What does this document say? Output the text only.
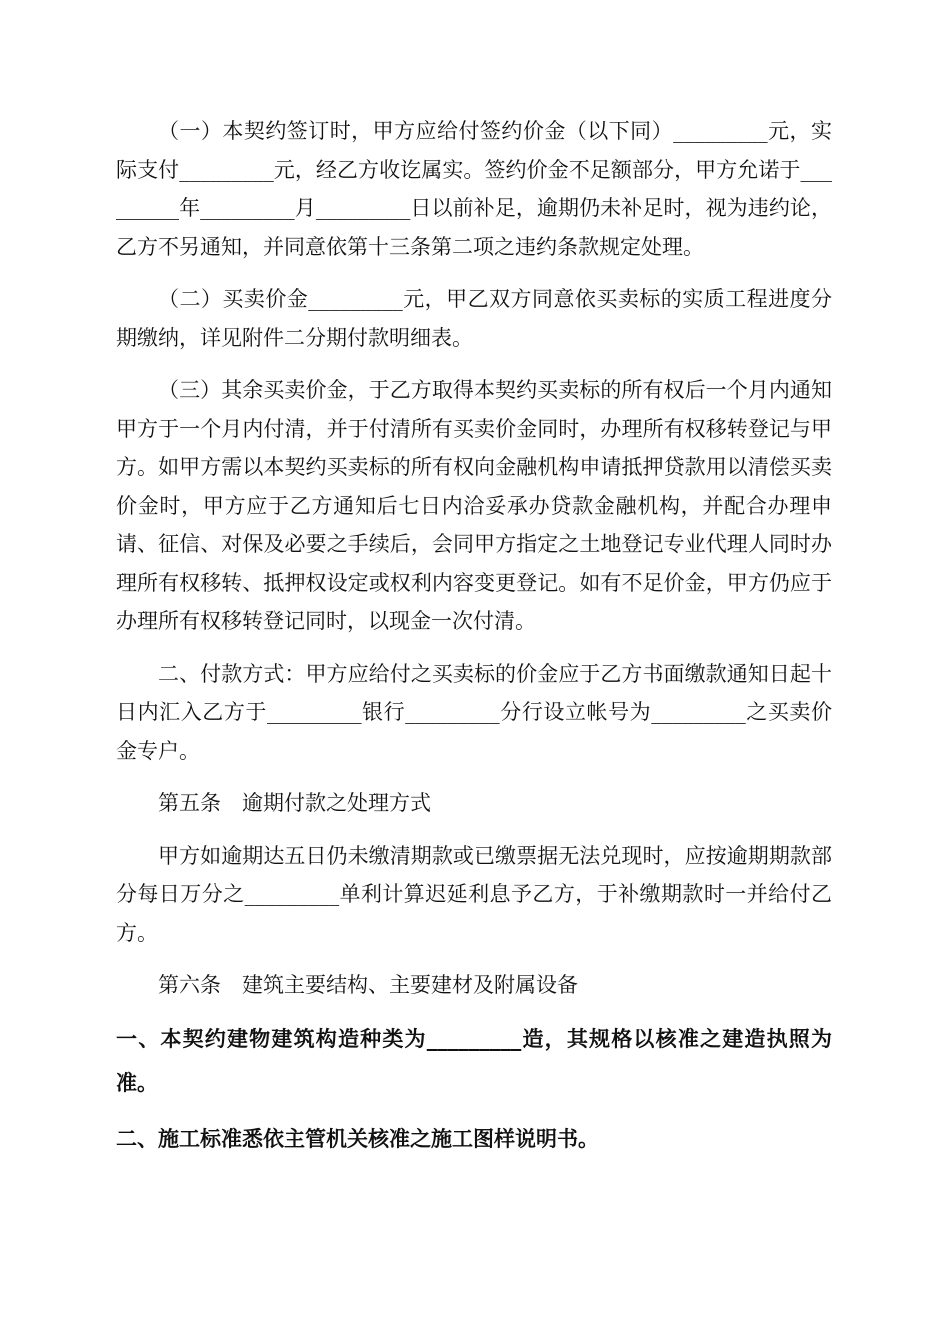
（一）本契约签订时，甲方应给付签约价金（以下同）_________元，实际支付_________元，经乙方收讫属实。签约价金不足额部分，甲方允诺于_________年_________月_________日以前补足，逾期仍未补足时，视为违约论，乙方不另通知，并同意依第十三条第二项之违约条款规定处理。

（二）买卖价金_________元，甲乙双方同意依买卖标的实质工程进度分期缴纳，详见附件二分期付款明细表。

（三）其余买卖价金，于乙方取得本契约买卖标的所有权后一个月内通知甲方于一个月内付清，并于付清所有买卖价金同时，办理所有权移转登记与甲方。如甲方需以本契约买卖标的所有权向金融机构申请抵押贷款用以清偿买卖价金时，甲方应于乙方通知后七日内洽妥承办贷款金融机构，并配合办理申请、征信、对保及必要之手续后，会同甲方指定之土地登记专业代理人同时办理所有权移转、抵押权设定或权利内容变更登记。如有不足价金，甲方仍应于办理所有权移转登记同时，以现金一次付清。

二、付款方式：甲方应给付之买卖标的价金应于乙方书面缴款通知日起十日内汇入乙方于_________银行_________分行设立帐号为_________之买卖价金专户。

第五条　逾期付款之处理方式

甲方如逾期达五日仍未缴清期款或已缴票据无法兑现时，应按逾期期款部分每日万分之_________单利计算迟延利息予乙方，于补缴期款时一并给付乙方。

第六条　建筑主要结构、主要建材及附属设备

一、本契约建物建筑构造种类为_________造，其规格以核准之建造执照为准。

二、施工标准悉依主管机关核准之施工图样说明书。
